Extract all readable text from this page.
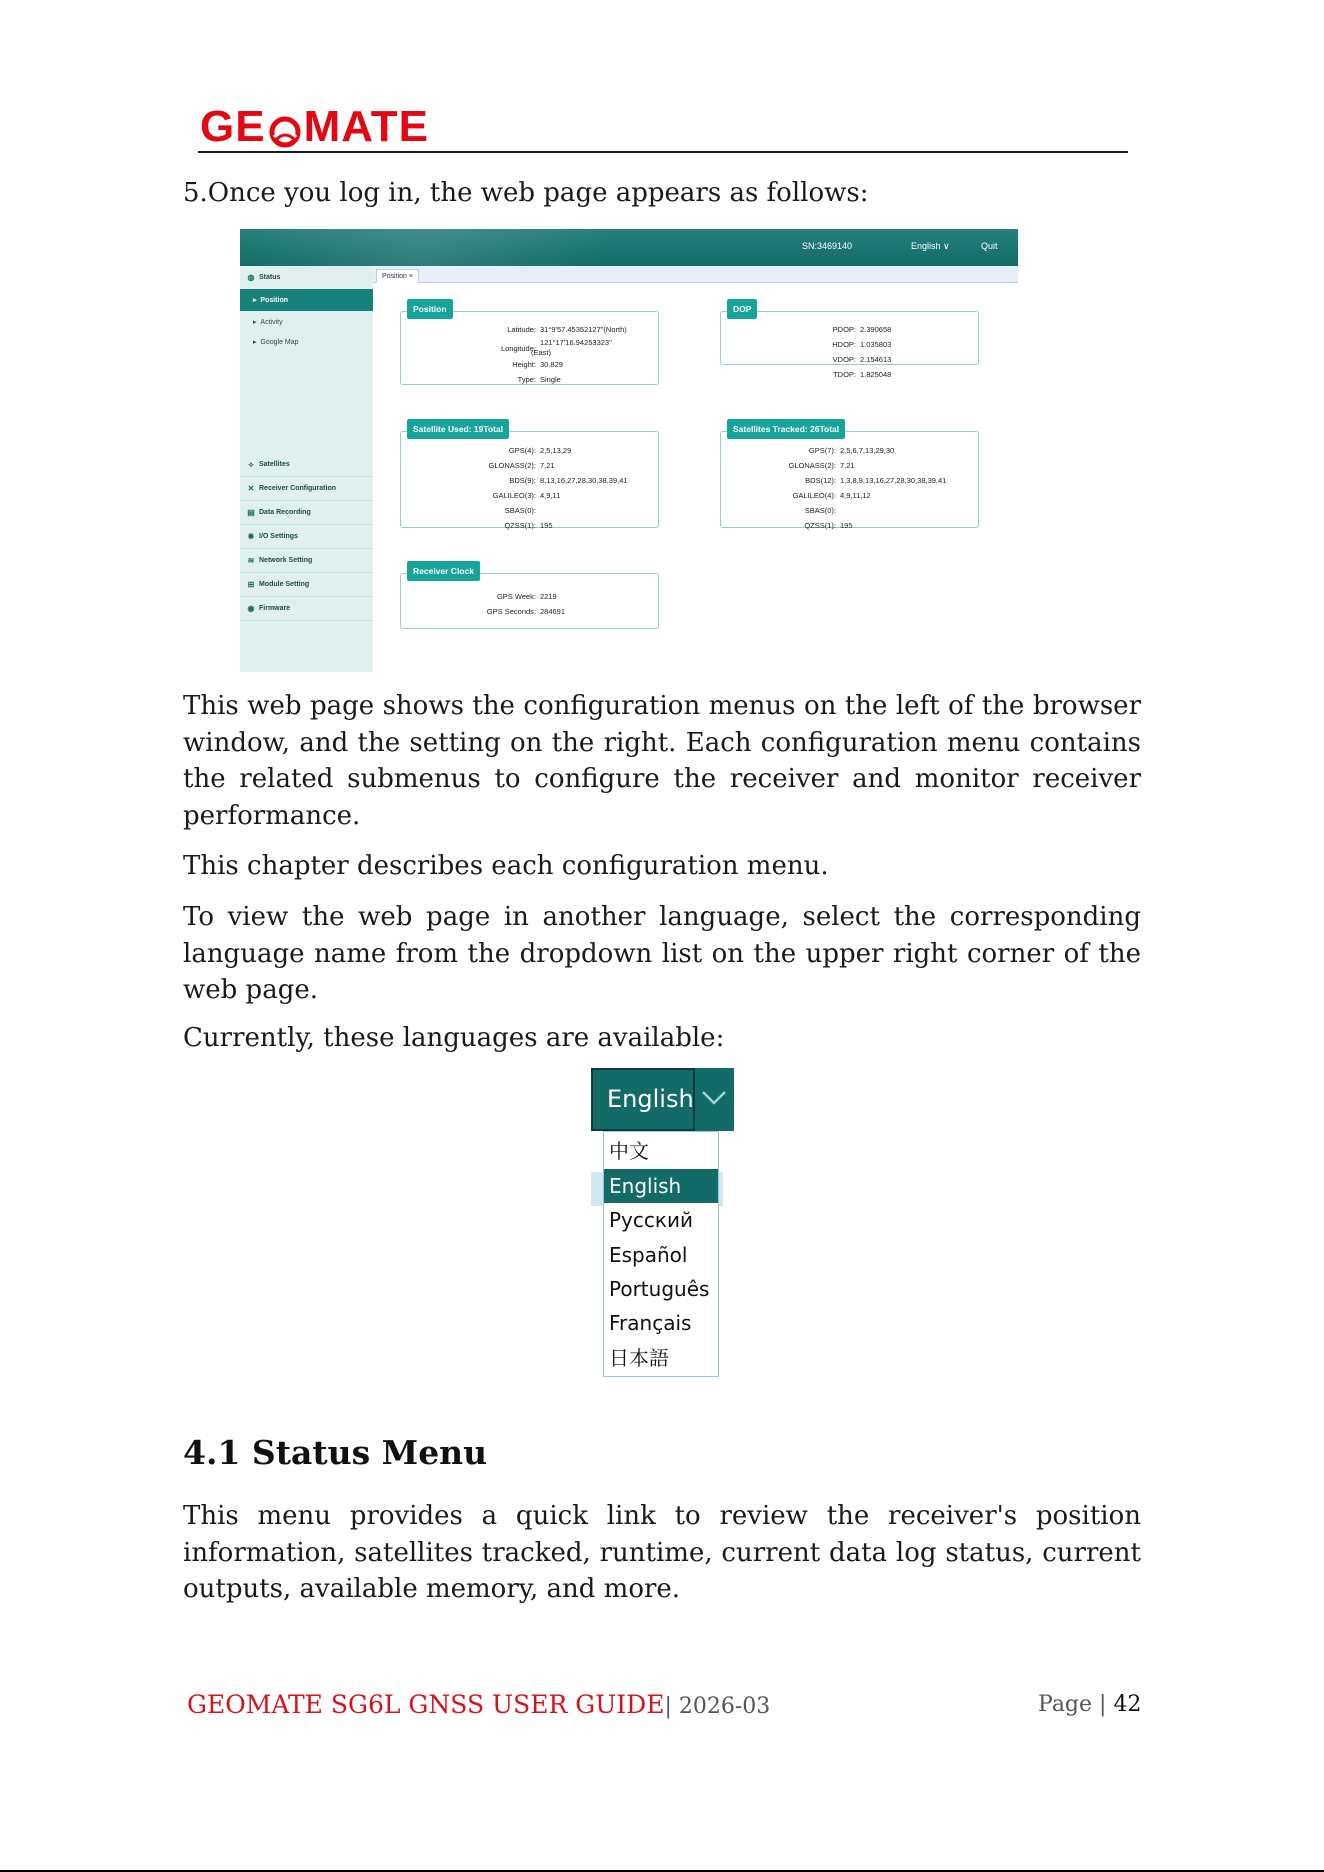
GE MATE
5.Once you log in, the web page appears as follows:
SN:3469140	English ∨	Quit
◍ Status
▸ Position
▸ Activity
▸ Google Map
⟡ Satellites
✕ Receiver Configuration
▤ Data Recording
✹ I/O Settings
≋ Network Setting
⊞ Module Setting
◉ Firmware
Position ×
Position
Latitude: 31°9'57.45352127"(North)
Longitude:
121°17'16.94253323"
(East)
Height: 30.829
Type: Single
DOP
PDOP: 2.390658
HDOP: 1.035803
VDOP: 2.154613
TDOP: 1.825048
Satellite Used: 19Total
GPS(4): 2,5,13,29
GLONASS(2): 7,21
BDS(9): 8,13,16,27,28,30,38,39,41
GALILEO(3): 4,9,11
SBAS(0):
QZSS(1): 195
Satellites Tracked: 26Total
GPS(7): 2,5,6,7,13,29,30
GLONASS(2): 7,21
BDS(12): 1,3,8,9,13,16,27,28,30,38,39,41
GALILEO(4): 4,9,11,12
SBAS(0):
QZSS(1): 195
Receiver Clock
GPS Week: 2219
GPS Seconds: 284691
This web page shows the configuration menus on the left of the browser window, and the setting on the right. Each configuration menu contains the related submenus to configure the receiver and monitor receiver performance.
This chapter describes each configuration menu.
To view the web page in another language, select the corresponding language name from the dropdown list on the upper right corner of the web page.
Currently, these languages are available:
English
中文
English
Русский
Español
Português
Français
日本語
4.1 Status Menu
This menu provides a quick link to review the receiver's position information, satellites tracked, runtime, current data log status, current outputs, available memory, and more.
GEOMATE SG6L GNSS USER GUIDE| 2026-03	Page | 42
